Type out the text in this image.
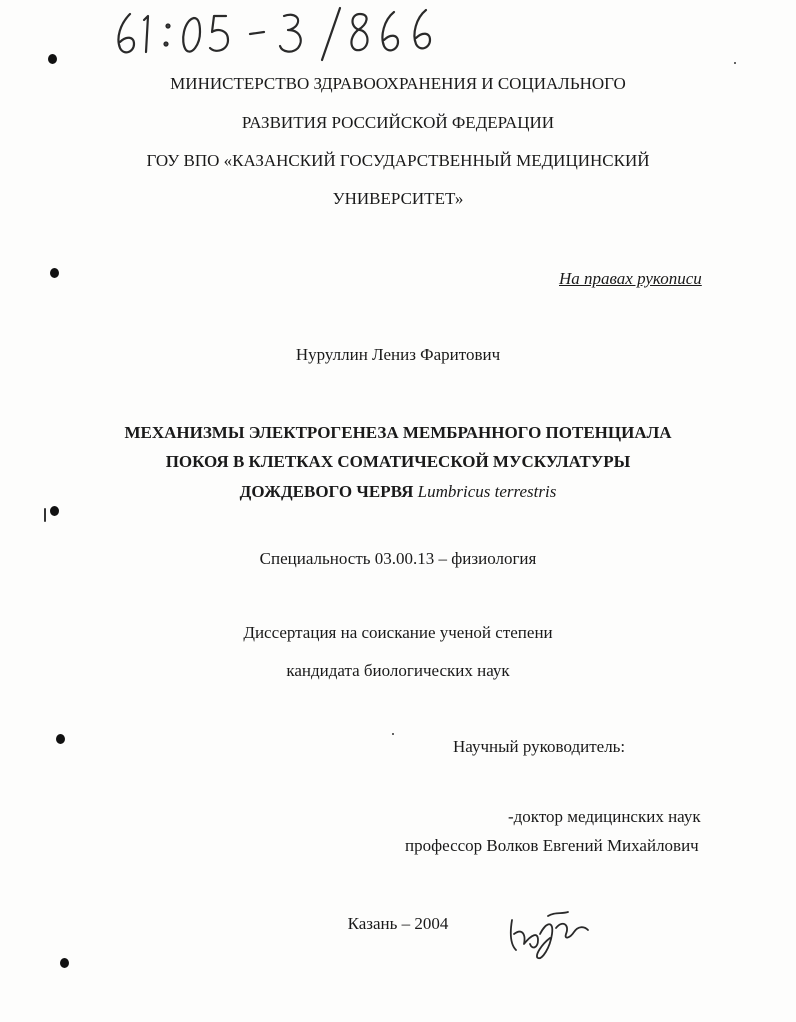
МИНИСТЕРСТВО ЗДРАВООХРАНЕНИЯ И СОЦИАЛЬНОГО
РАЗВИТИЯ РОССИЙСКОЙ ФЕДЕРАЦИИ
ГОУ ВПО «КАЗАНСКИЙ ГОСУДАРСТВЕННЫЙ МЕДИЦИНСКИЙ
УНИВЕРСИТЕТ»
На правах рукописи
Нуруллин Лениз Фаритович
МЕХАНИЗМЫ ЭЛЕКТРОГЕНЕЗА МЕМБРАННОГО ПОТЕНЦИАЛА
ПОКОЯ В КЛЕТКАХ СОМАТИЧЕСКОЙ МУСКУЛАТУРЫ
ДОЖДЕВОГО ЧЕРВЯ Lumbricus terrestris
Специальность 03.00.13 – физиология
Диссертация на соискание ученой степени
кандидата биологических наук
Научный руководитель:
-доктор медицинских наук
профессор Волков Евгений Михайлович
Казань – 2004
